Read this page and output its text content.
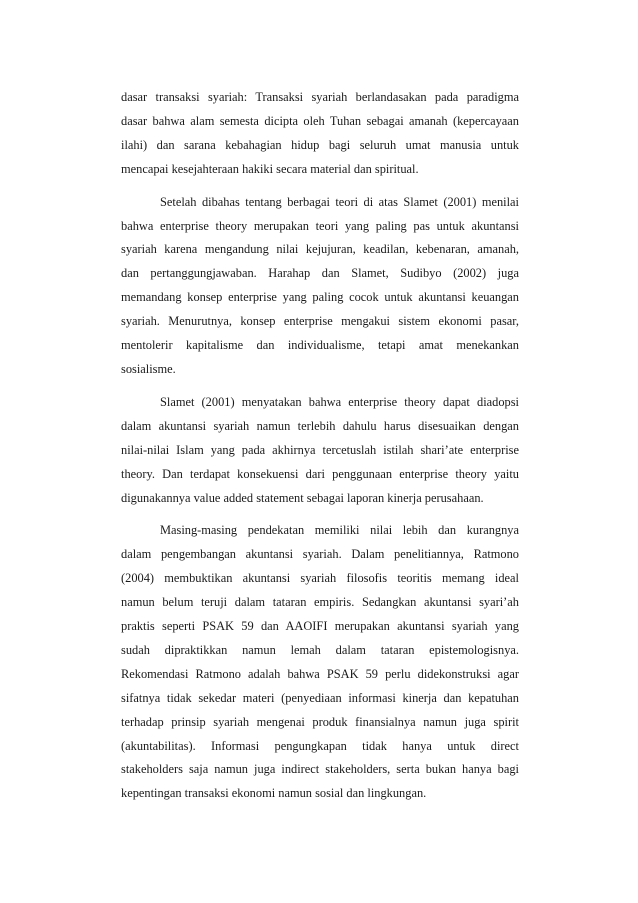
dasar transaksi syariah: Transaksi syariah berlandasakan pada paradigma
dasar bahwa alam semesta dicipta oleh Tuhan sebagai amanah (kepercayaan
ilahi) dan sarana kebahagian hidup bagi seluruh umat manusia untuk
mencapai kesejahteraan hakiki secara material dan spiritual.

Setelah dibahas tentang berbagai teori di atas Slamet (2001) menilai
bahwa enterprise theory merupakan teori yang paling pas untuk akuntansi
syariah karena mengandung nilai kejujuran, keadilan, kebenaran, amanah,
dan pertanggungjawaban. Harahap dan Slamet, Sudibyo (2002) juga
memandang konsep enterprise yang paling cocok untuk akuntansi keuangan
syariah. Menurutnya, konsep enterprise mengakui sistem ekonomi pasar,
mentolerir kapitalisme dan individualisme, tetapi amat menekankan
sosialisme.

Slamet (2001) menyatakan bahwa enterprise theory dapat diadopsi
dalam akuntansi syariah namun terlebih dahulu harus disesuaikan dengan
nilai-nilai Islam yang pada akhirnya tercetuslah istilah shari’ate enterprise
theory. Dan terdapat konsekuensi dari penggunaan enterprise theory yaitu
digunakannya value added statement sebagai laporan kinerja perusahaan.

Masing-masing pendekatan memiliki nilai lebih dan kurangnya
dalam pengembangan akuntansi syariah. Dalam penelitiannya, Ratmono
(2004) membuktikan akuntansi syariah filosofis teoritis memang ideal
namun belum teruji dalam tataran empiris. Sedangkan akuntansi syari’ah
praktis seperti PSAK 59 dan AAOIFI merupakan akuntansi syariah yang
sudah dipraktikkan namun lemah dalam tataran epistemologisnya.
Rekomendasi Ratmono adalah bahwa PSAK 59 perlu didekonstruksi agar
sifatnya tidak sekedar materi (penyediaan informasi kinerja dan kepatuhan
terhadap prinsip syariah mengenai produk finansialnya namun juga spirit
(akuntabilitas). Informasi pengungkapan tidak hanya untuk direct
stakeholders saja namun juga indirect stakeholders, serta bukan hanya bagi
kepentingan transaksi ekonomi namun sosial dan lingkungan.
